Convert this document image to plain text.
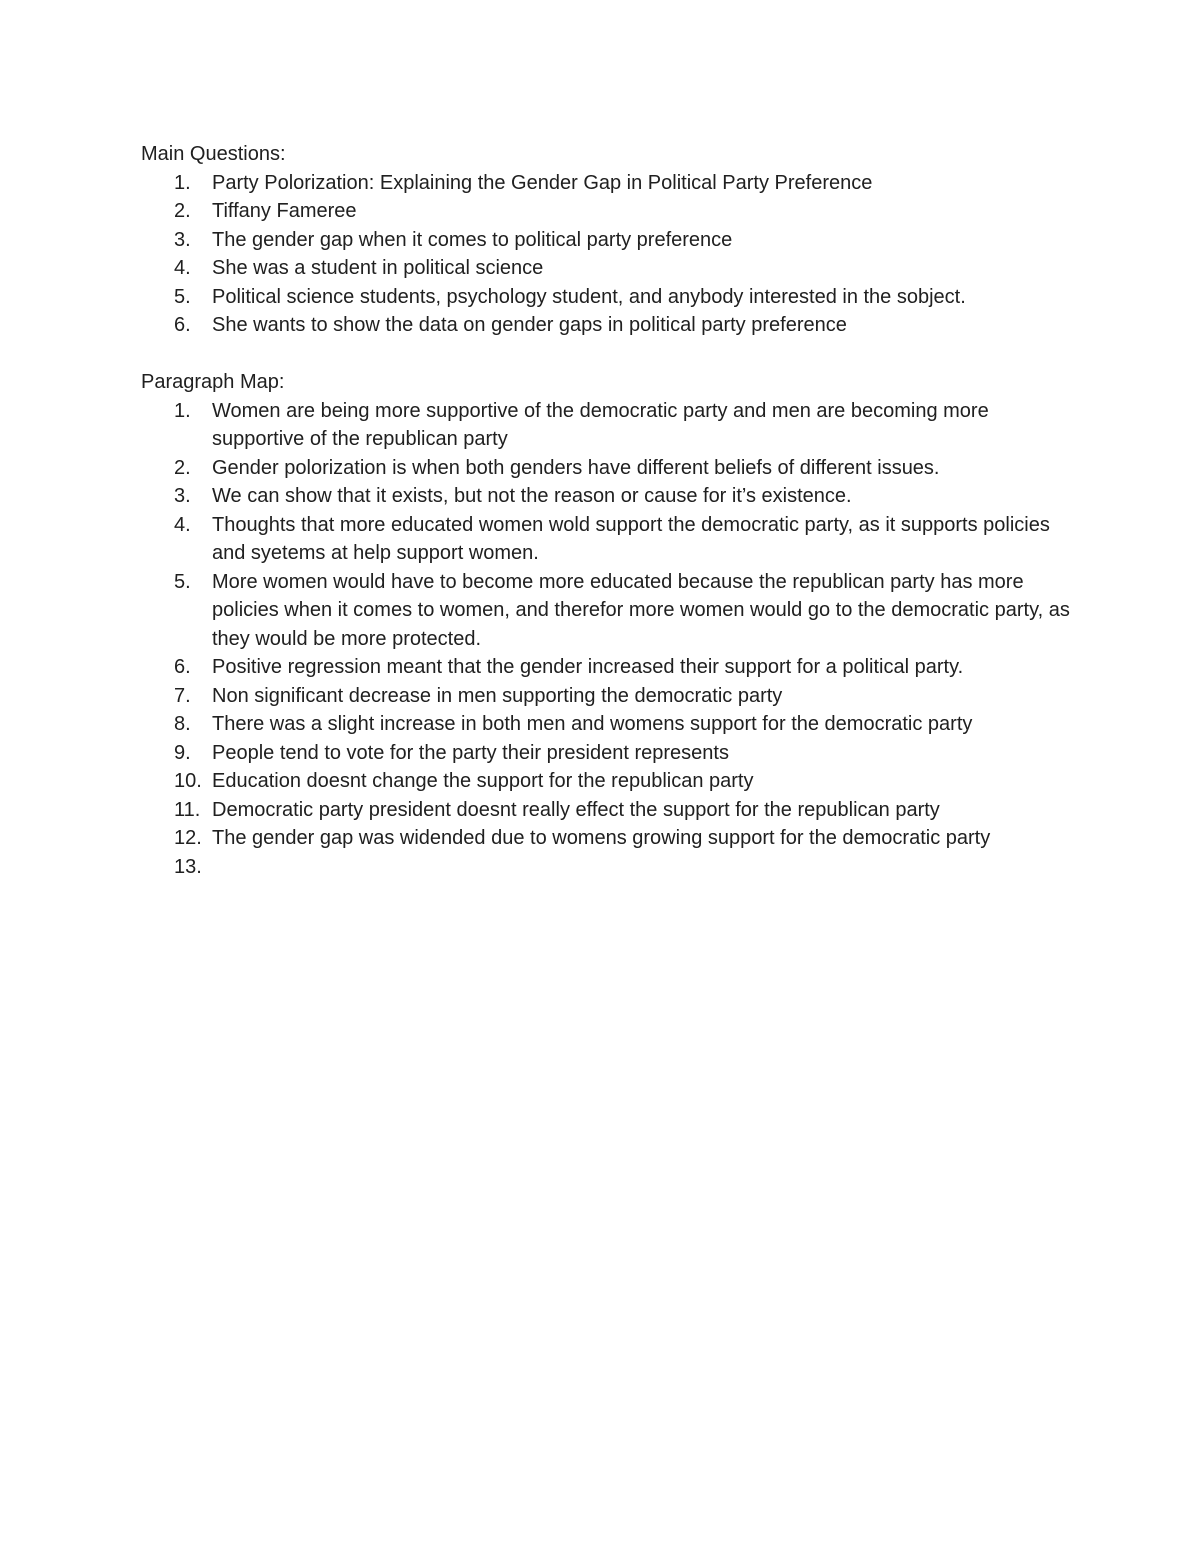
Main Questions:

1.	Party Polorization: Explaining the Gender Gap in Political Party Preference
2.	Tiffany Fameree
3.	The gender gap when it comes to political party preference
4.	She was a student in political science
5.	Political science students, psychology student, and anybody interested in the sobject.
6.	She wants to show the data on gender gaps in political party preference

Paragraph Map:

1.	Women are being more supportive of the democratic party and men are becoming more supportive of the republican party
2.	Gender polorization is when both genders have different beliefs of different issues.
3.	We can show that it exists, but not the reason or cause for it’s existence.
4.	Thoughts that more educated women wold support the democratic party, as it supports policies and syetems at help support women.
5.	More women would have to become more educated because the republican party has more policies when it comes to women, and therefor more women would go to the democratic party, as they would be more protected.
6.	Positive regression meant that the gender increased their support for a political party.
7.	Non significant decrease in men supporting the democratic party
8.	There was a slight increase in both men and womens support for the democratic party
9.	People tend to vote for the party their president represents
10. Education doesnt change the support for the republican party
11. Democratic party president doesnt really effect the support for the republican party
12. The gender gap was widended due to womens growing support for the democratic party
13.
